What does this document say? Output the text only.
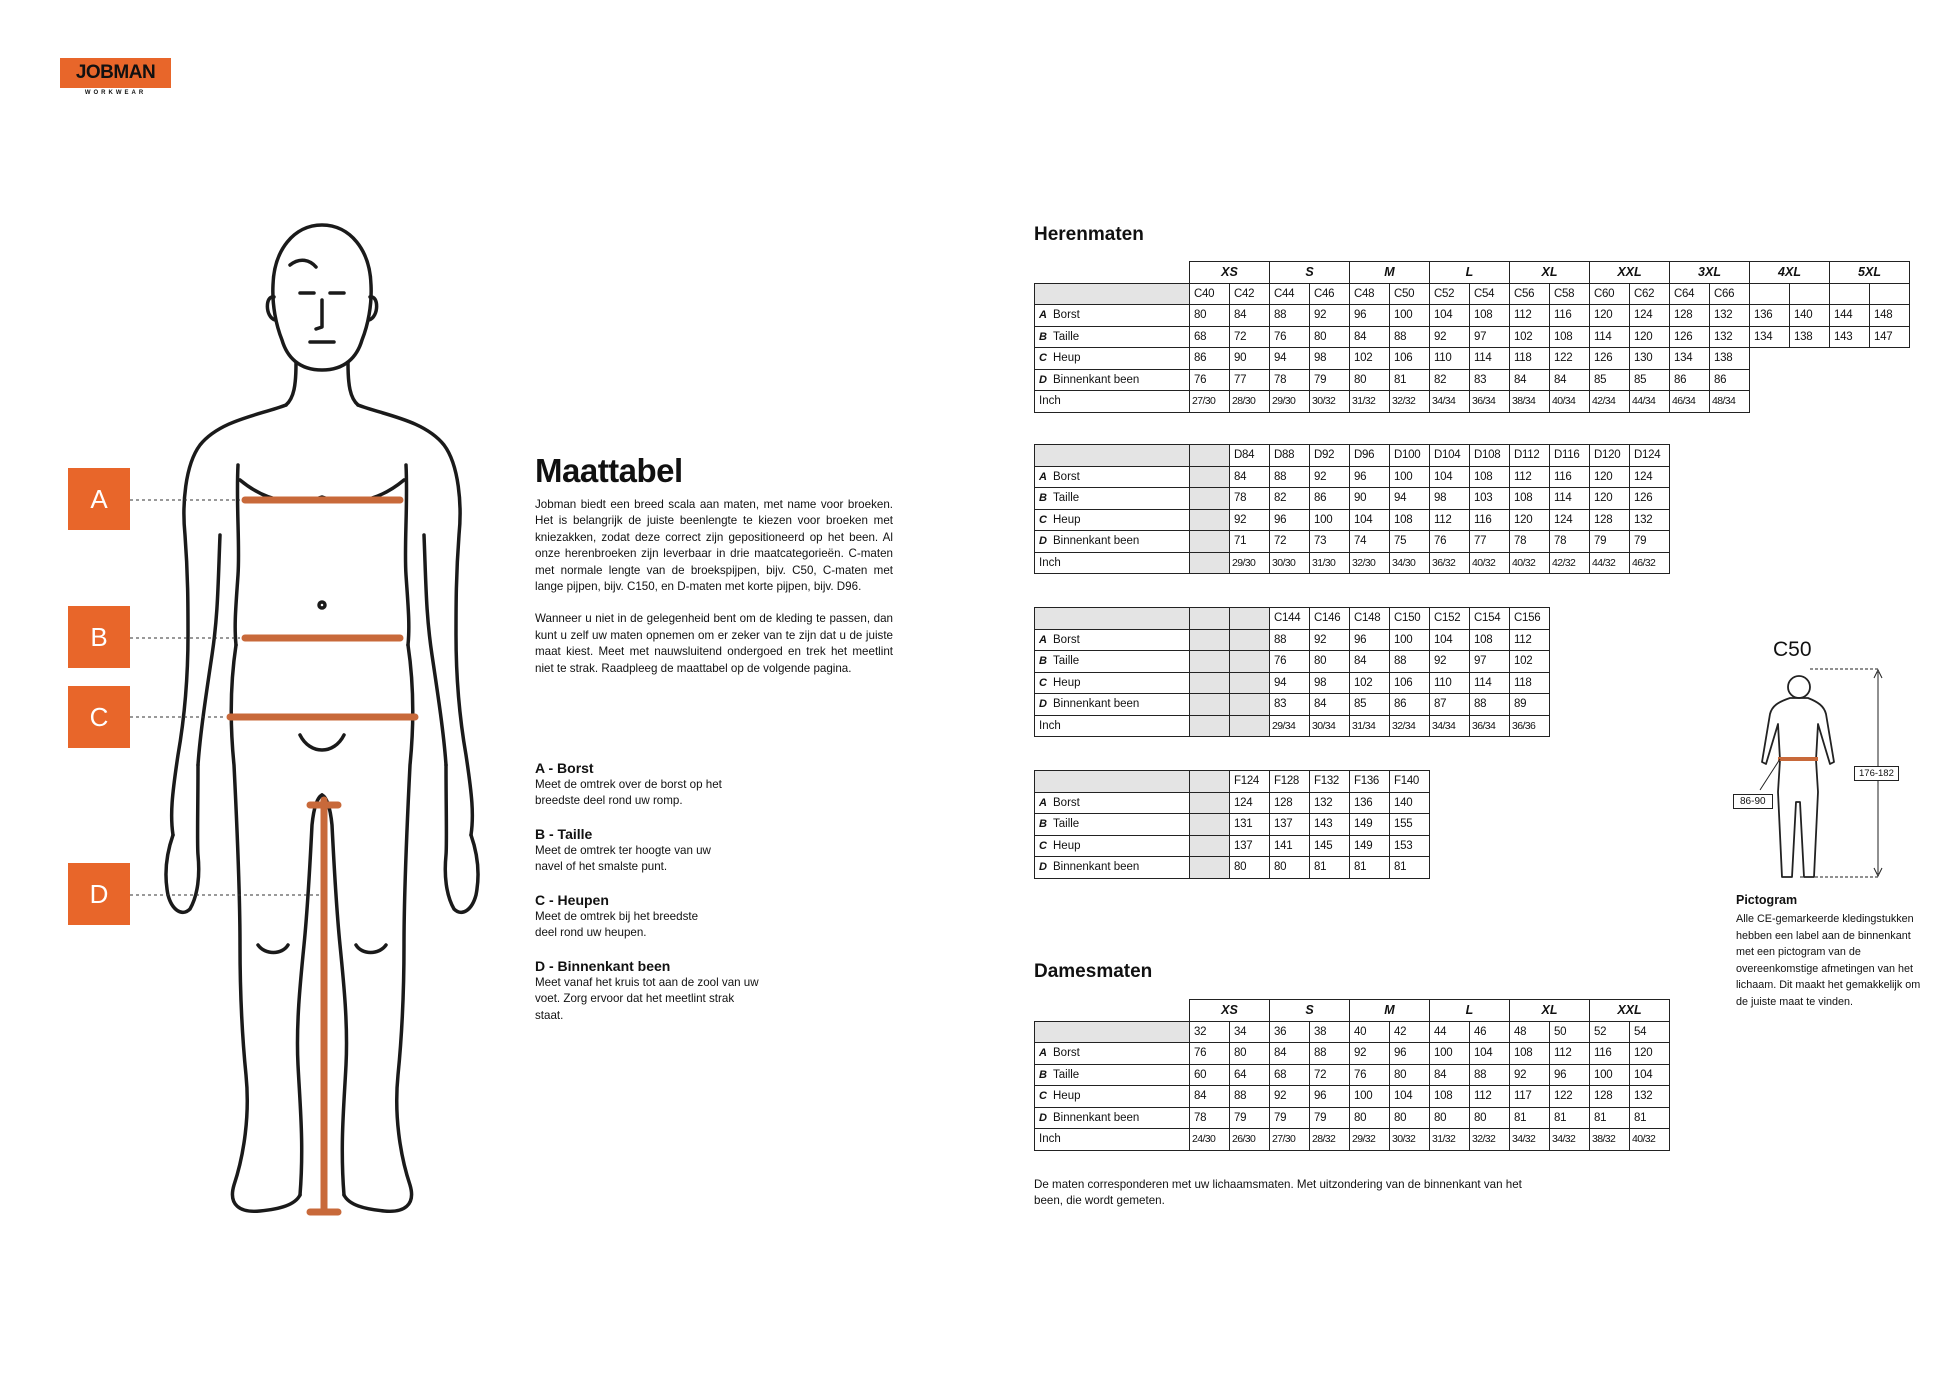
JOBMAN
WORKWEAR
A
B
C
D
Maattabel

Jobman biedt een breed scala aan maten, met name voor broeken. Het is belangrijk de juiste beenlengte te kiezen voor broeken met kniezakken, zodat deze correct zijn gepositioneerd op het been. Al onze herenbroeken zijn leverbaar in drie maatcategorieën. C-maten met normale lengte van de broekspijpen, bijv. C50, C-maten met lange pijpen, bijv. C150, en D-maten met korte pijpen, bijv. D96.

Wanneer u niet in de gelegenheid bent om de kleding te passen, dan kunt u zelf uw maten opnemen om er zeker van te zijn dat u de juiste maat kiest. Meet met nauwsluitend ondergoed en trek het meetlint niet te strak. Raadpleeg de maattabel op de volgende pagina.

A - Borst
Meet de omtrek over de borst op het breedste deel rond uw romp.
B - Taille
Meet de omtrek ter hoogte van uw navel of het smalste punt.
C - Heupen
Meet de omtrek bij het breedste deel rond uw heupen.
D - Binnenkant been
Meet vanaf het kruis tot aan de zool van uw voet. Zorg ervoor dat het meetlint strak staat.
Herenmaten
	XS		S		M		L		XL		XXL		3XL		4XL		5XL	
	C40	C42	C44	C46	C48	C50	C52	C54	C56	C58	C60	C62	C64	C66				
A Borst	80	84	88	92	96	100	104	108	112	116	120	124	128	132	136	140	144	148
B Taille	68	72	76	80	84	88	92	97	102	108	114	120	126	132	134	138	143	147
C Heup	86	90	94	98	102	106	110	114	118	122	126	130	134	138				
D Binnenkant been	76	77	78	79	80	81	82	83	84	84	85	85	86	86				
Inch	27/30	28/30	29/30	30/32	31/32	32/32	34/34	36/34	38/34	40/34	42/34	44/34	46/34	48/34				
		D84	D88	D92	D96	D100	D104	D108	D112	D116	D120	D124
A Borst		84	88	92	96	100	104	108	112	116	120	124
B Taille		78	82	86	90	94	98	103	108	114	120	126
C Heup		92	96	100	104	108	112	116	120	124	128	132
D Binnenkant been		71	72	73	74	75	76	77	78	78	79	79
Inch		29/30	30/30	31/30	32/30	34/30	36/32	40/32	40/32	42/32	44/32	46/32
			C144	C146	C148	C150	C152	C154	C156
A Borst			88	92	96	100	104	108	112
B Taille			76	80	84	88	92	97	102
C Heup			94	98	102	106	110	114	118
D Binnenkant been			83	84	85	86	87	88	89
Inch			29/34	30/34	31/34	32/34	34/34	36/34	36/36
		F124	F128	F132	F136	F140
A Borst		124	128	132	136	140
B Taille		131	137	143	149	155
C Heup		137	141	145	149	153
D Binnenkant been		80	80	81	81	81
Damesmaten
	XS		S		M		L		XL		XXL	
	32	34	36	38	40	42	44	46	48	50	52	54
A Borst	76	80	84	88	92	96	100	104	108	112	116	120
B Taille	60	64	68	72	76	80	84	88	92	96	100	104
C Heup	84	88	92	96	100	104	108	112	117	122	128	132
D Binnenkant been	78	79	79	79	80	80	80	80	81	81	81	81
Inch	24/30	26/30	27/30	28/32	29/32	30/32	31/32	32/32	34/32	34/32	38/32	40/32
De maten corresponderen met uw lichaamsmaten. Met uitzondering van de binnenkant van het been, die wordt gemeten.
C50
176-182
86-90
Pictogram
Alle CE-gemarkeerde kledingstukken hebben een label aan de binnenkant met een pictogram van de overeenkomstige afmetingen van het lichaam. Dit maakt het gemakkelijk om de juiste maat te vinden.
